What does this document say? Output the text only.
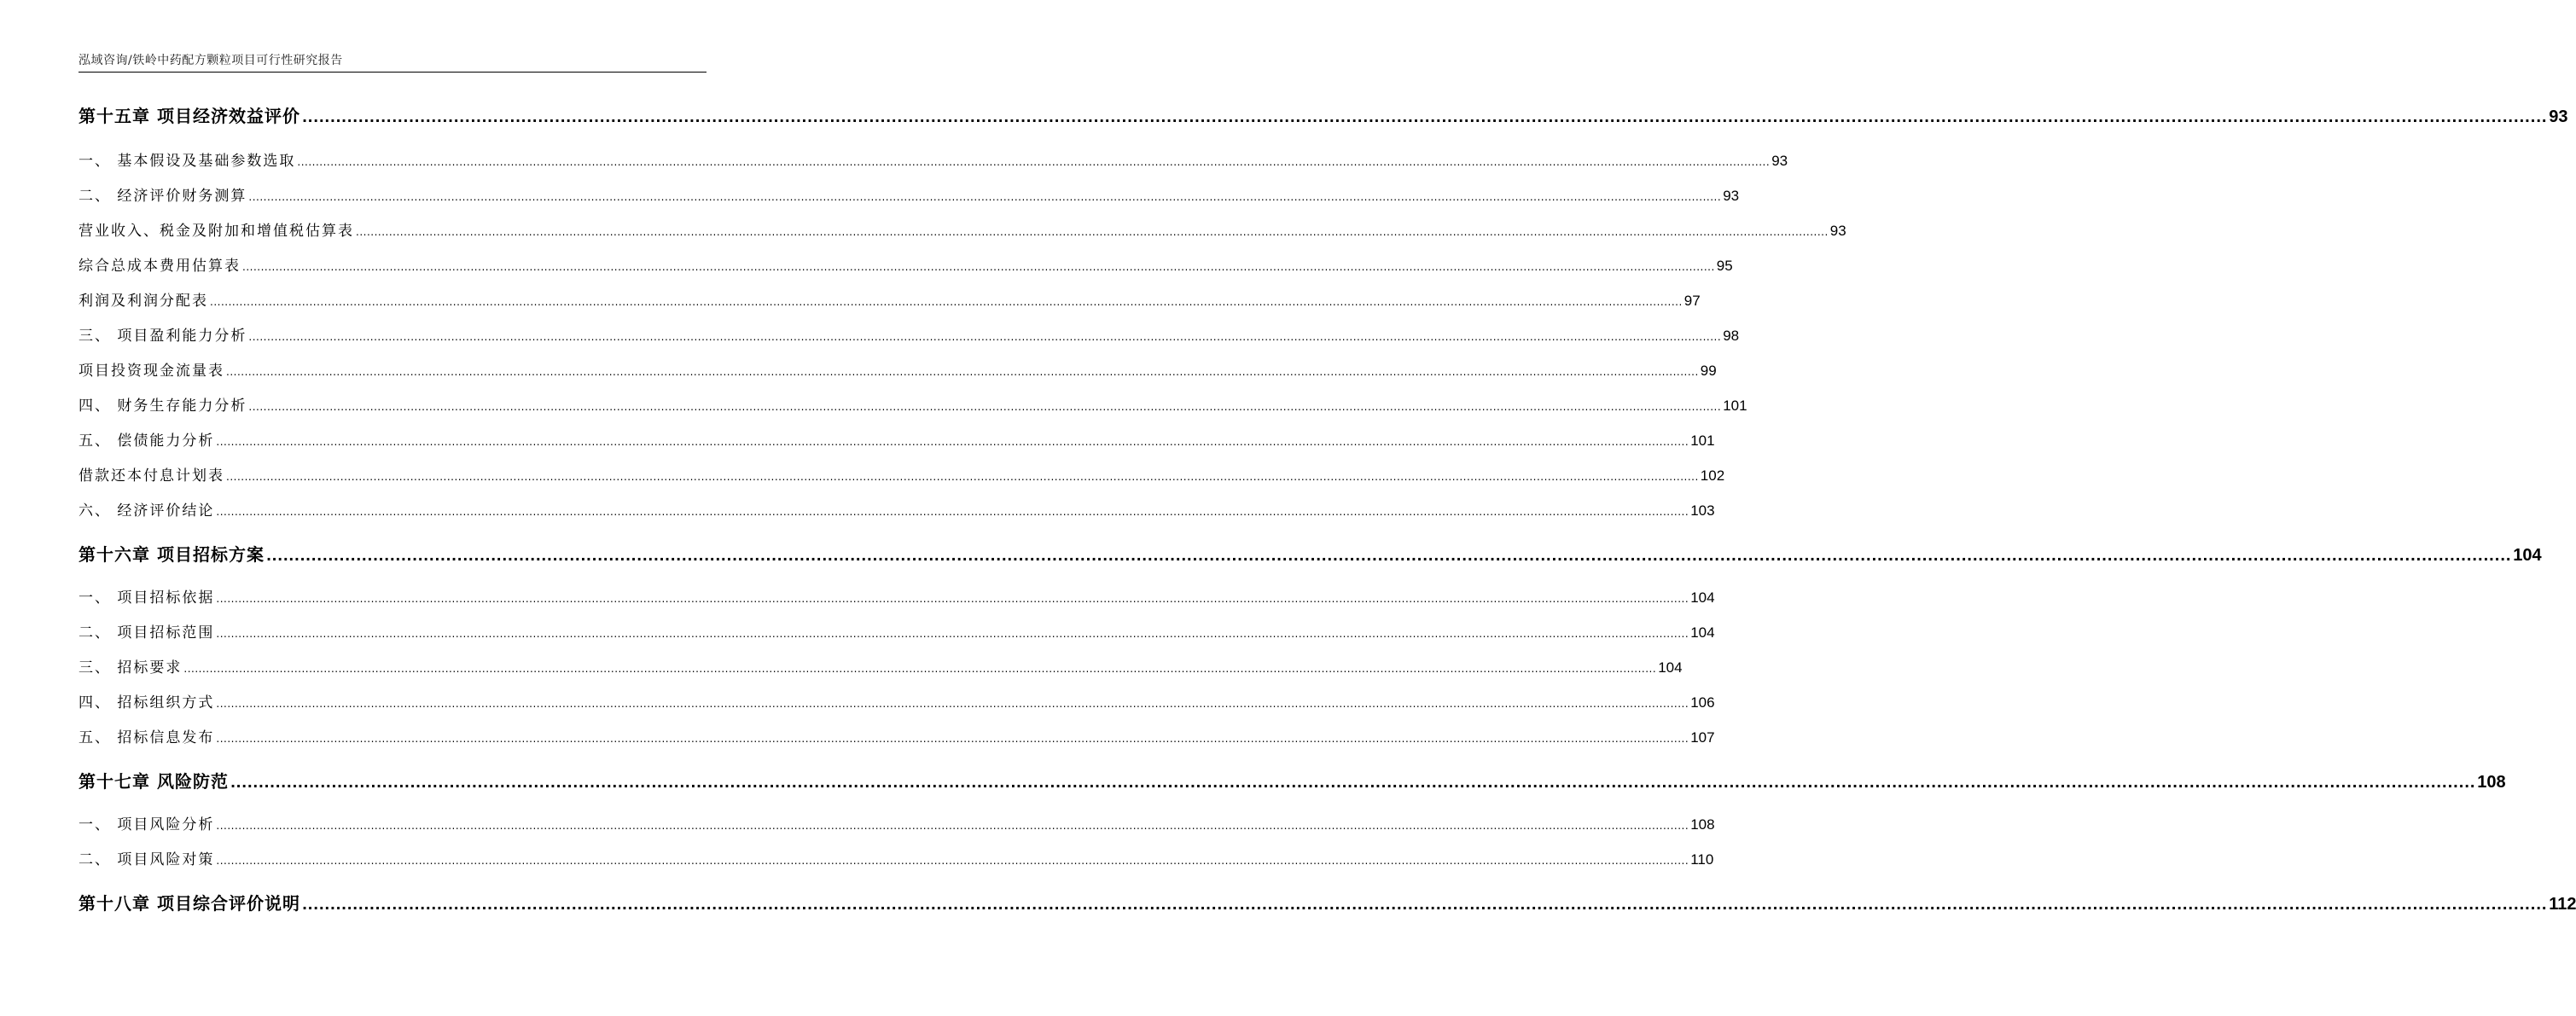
泓域咨询/铁岭中药配方颗粒项目可行性研究报告
第十五章 项目经济效益评价 ................................................................................................................................................................................................................................................................................................................................................................................................................ 93
一、 基本假设及基础参数选取 ................................................................................................................................................................................................................................................................................................................................................................................................................ 93
二、 经济评价财务测算 ................................................................................................................................................................................................................................................................................................................................................................................................................ 93
营业收入、税金及附加和增值税估算表 ................................................................................................................................................................................................................................................................................................................................................................................................................ 93
综合总成本费用估算表 ................................................................................................................................................................................................................................................................................................................................................................................................................ 95
利润及利润分配表 ................................................................................................................................................................................................................................................................................................................................................................................................................ 97
三、 项目盈利能力分析 ................................................................................................................................................................................................................................................................................................................................................................................................................ 98
项目投资现金流量表 ................................................................................................................................................................................................................................................................................................................................................................................................................ 99
四、 财务生存能力分析 ................................................................................................................................................................................................................................................................................................................................................................................................................ 101
五、 偿债能力分析 ................................................................................................................................................................................................................................................................................................................................................................................................................ 101
借款还本付息计划表 ................................................................................................................................................................................................................................................................................................................................................................................................................ 102
六、 经济评价结论 ................................................................................................................................................................................................................................................................................................................................................................................................................ 103
第十六章 项目招标方案 ................................................................................................................................................................................................................................................................................................................................................................................................................ 104
一、 项目招标依据 ................................................................................................................................................................................................................................................................................................................................................................................................................ 104
二、 项目招标范围 ................................................................................................................................................................................................................................................................................................................................................................................................................ 104
三、 招标要求 ................................................................................................................................................................................................................................................................................................................................................................................................................ 104
四、 招标组织方式 ................................................................................................................................................................................................................................................................................................................................................................................................................ 106
五、 招标信息发布 ................................................................................................................................................................................................................................................................................................................................................................................................................ 107
第十七章 风险防范 ................................................................................................................................................................................................................................................................................................................................................................................................................ 108
一、 项目风险分析 ................................................................................................................................................................................................................................................................................................................................................................................................................ 108
二、 项目风险对策 ................................................................................................................................................................................................................................................................................................................................................................................................................ 110
第十八章 项目综合评价说明 ................................................................................................................................................................................................................................................................................................................................................................................................................ 112
